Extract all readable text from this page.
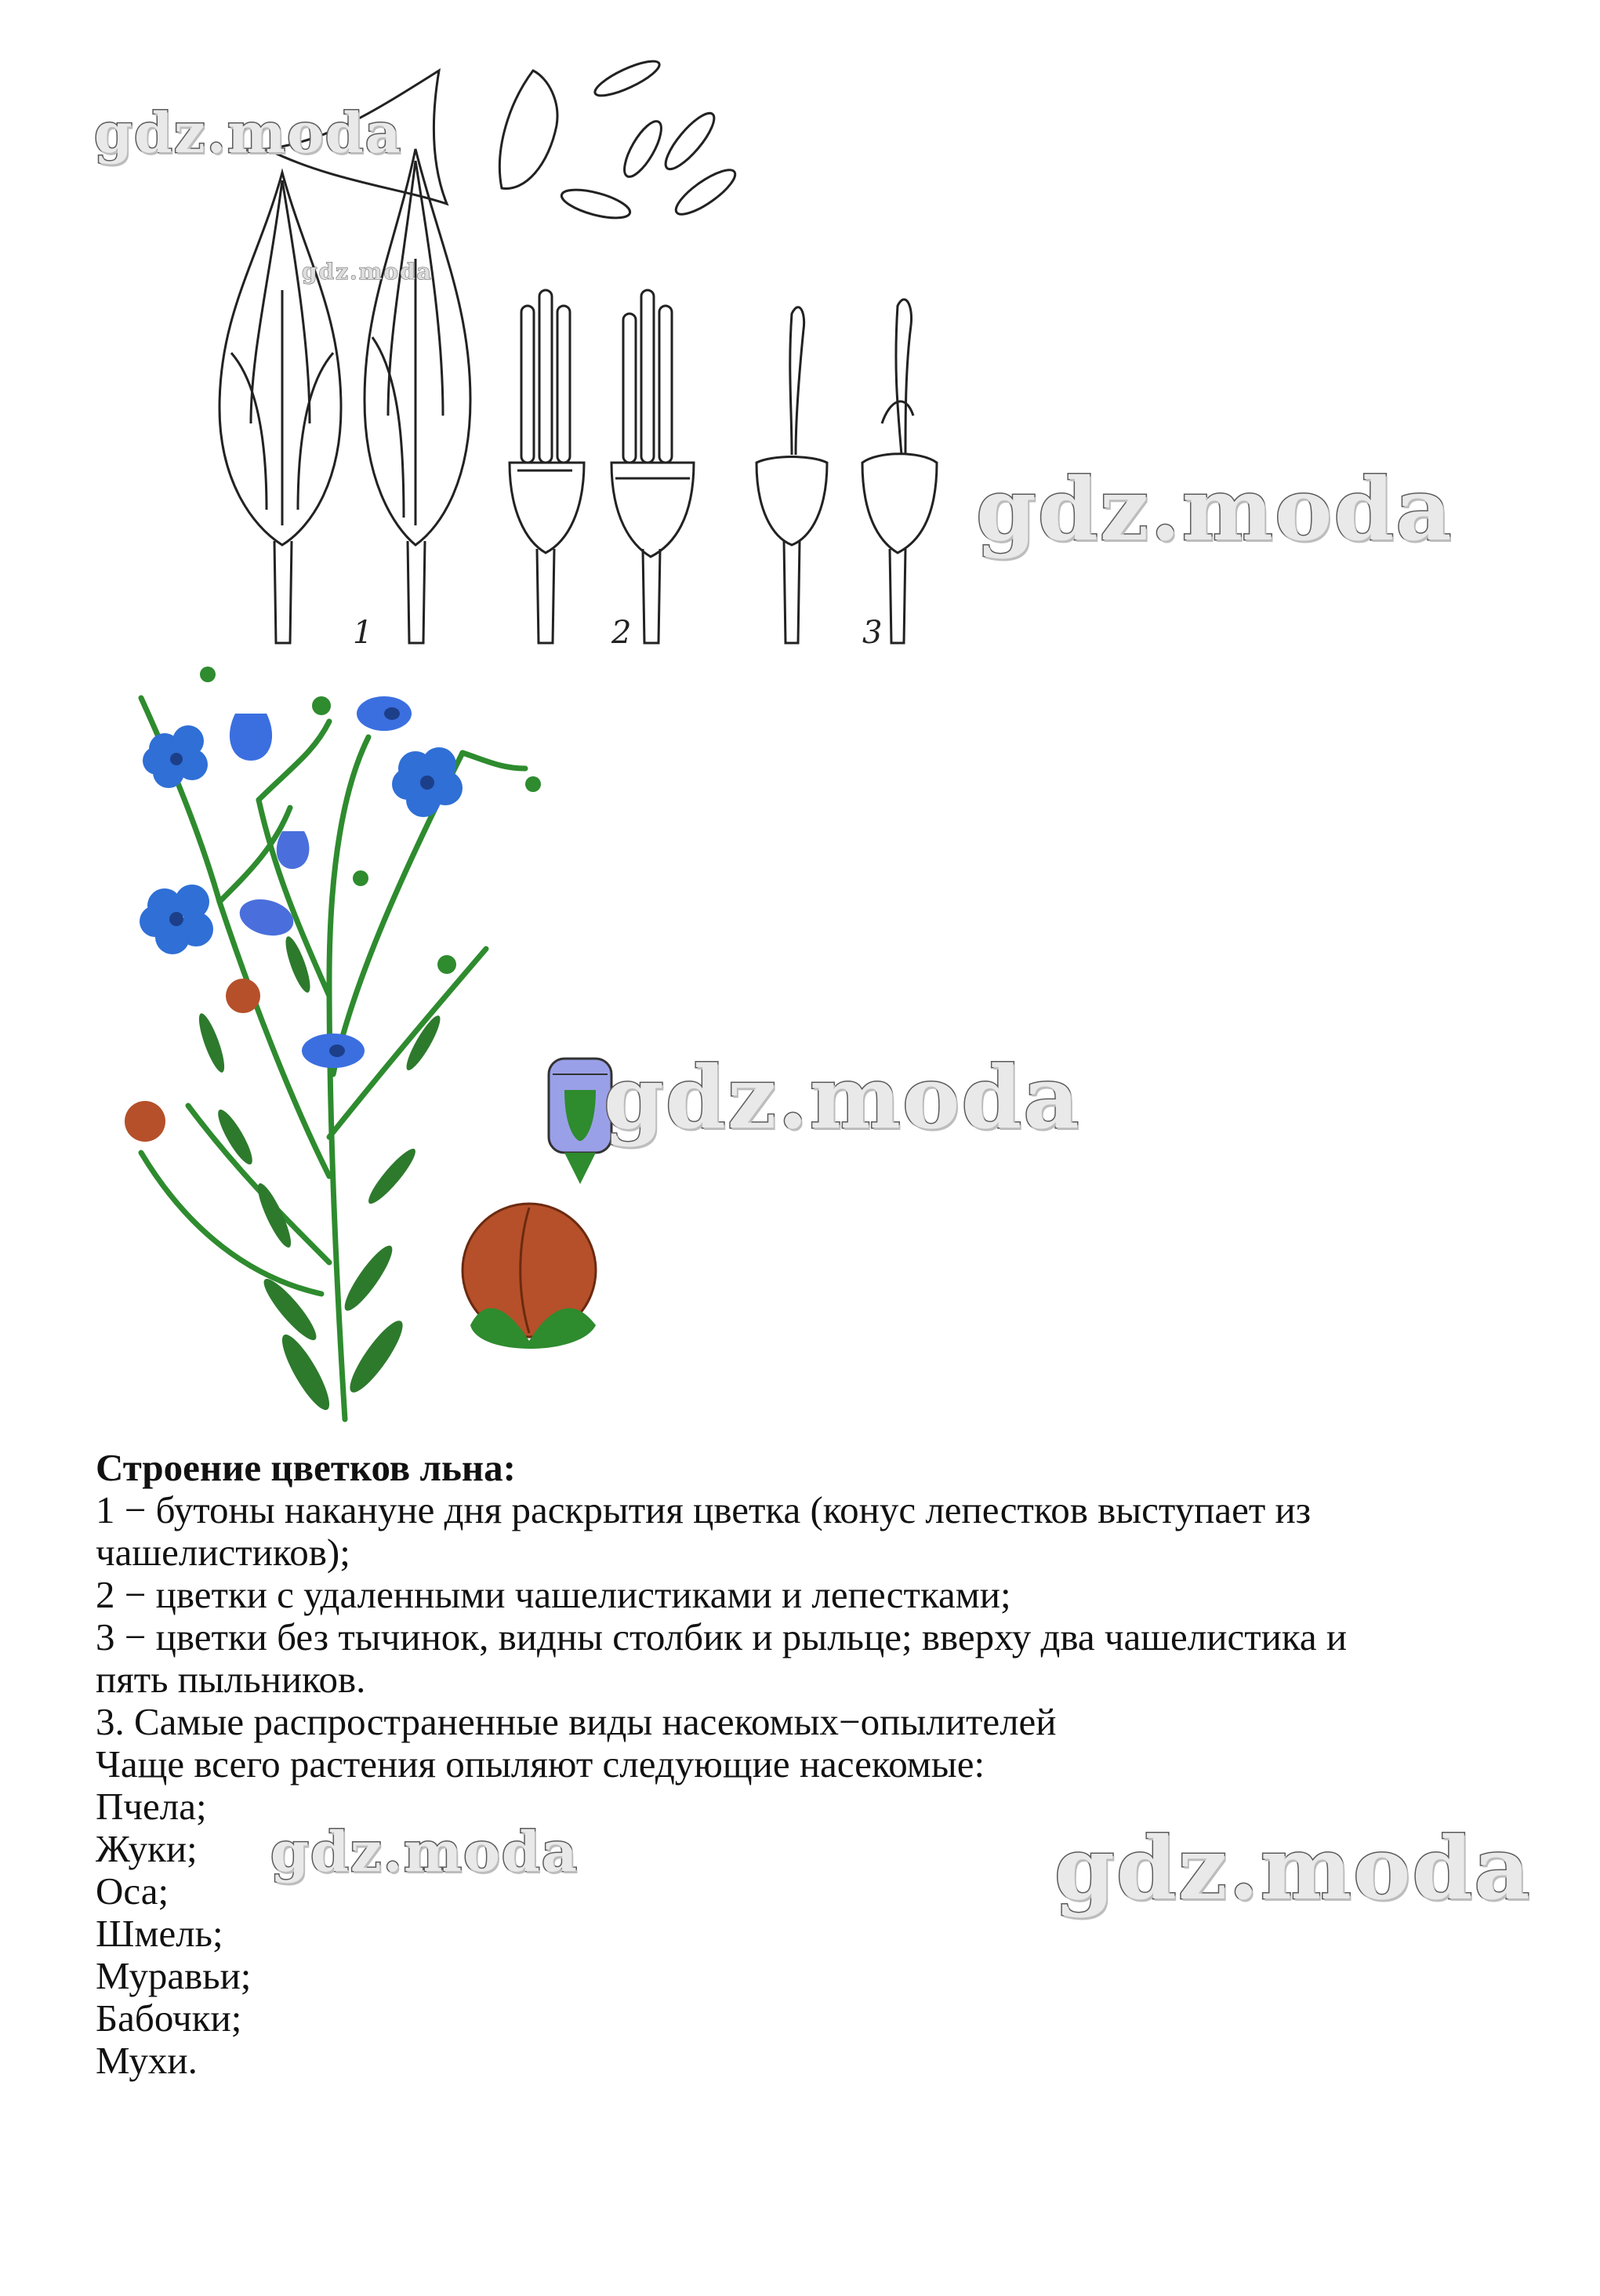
1	2	3
gdz.moda
gdz.moda
gdz.moda
gdz.moda
gdz.moda	gdz.moda

Строение цветков льна:

1 − бутоны накануне дня раскрытия цветка (конус лепестков выступает из

чашелистиков);

2 − цветки с удаленными чашелистиками и лепестками;

3 − цветки без тычинок, видны столбик и рыльце; вверху два чашелистика и

пять пыльников.

3. Самые распространенные виды насекомых−опылителей

Чаще всего растения опыляют следующие насекомые:

Пчела;

Жуки;

Оса;

Шмель;

Муравьи;

Бабочки;

Мухи.
